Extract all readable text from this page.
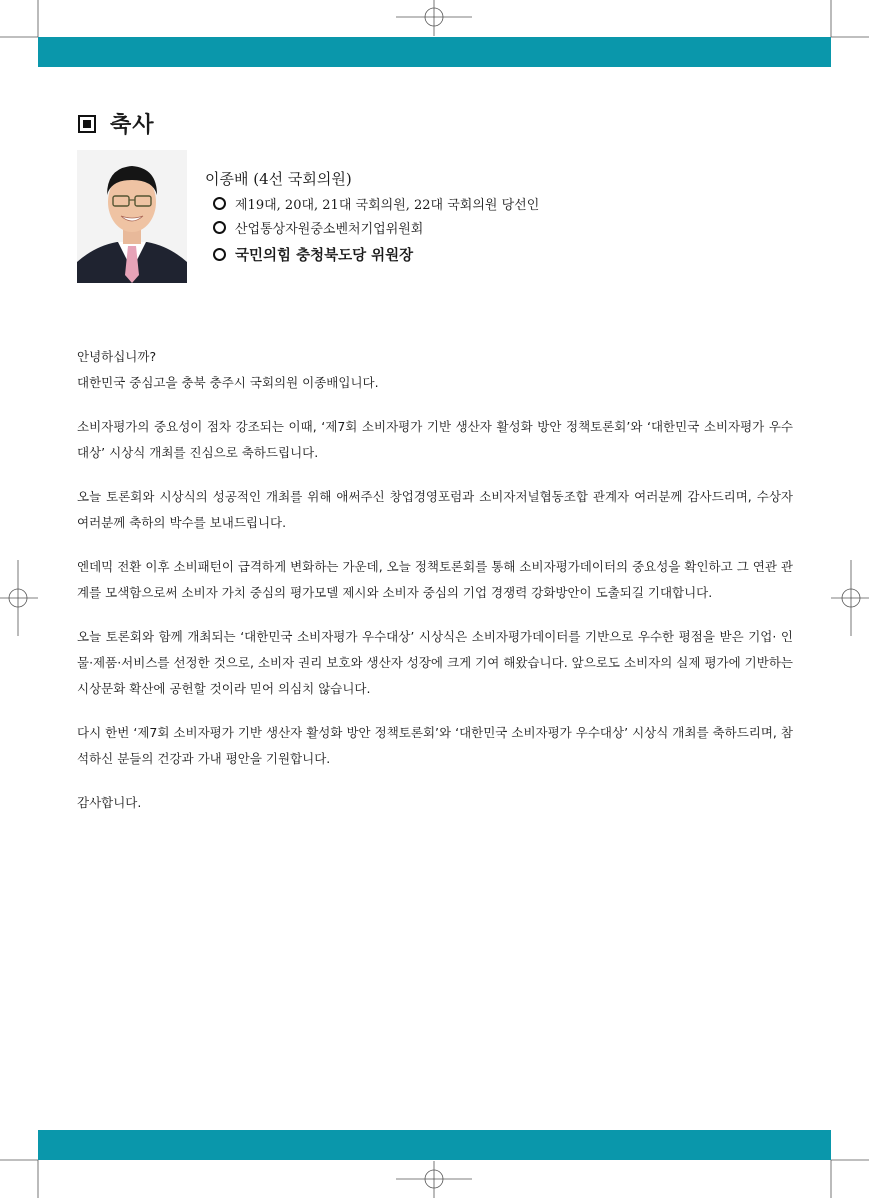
축사
이종배 (4선 국회의원)
제19대, 20대, 21대 국회의원, 22대 국회의원 당선인
산업통상자원중소벤처기업위원회
국민의힘 충청북도당 위원장

안녕하십니까?
대한민국 중심고을 충북 충주시 국회의원 이종배입니다.

소비자평가의 중요성이 점차 강조되는 이때, ‘제7회 소비자평가 기반 생산자 활성화 방안 정책토론회’와 ‘대한민국 소비자평가 우수대상’ 시상식 개최를 진심으로 축하드립니다.

오늘 토론회와 시상식의 성공적인 개최를 위해 애써주신 창업경영포럼과 소비자저널협동조합 관계자 여러분께 감사드리며, 수상자 여러분께 축하의 박수를 보내드립니다.

엔데믹 전환 이후 소비패턴이 급격하게 변화하는 가운데, 오늘 정책토론회를 통해 소비자평가데이터의 중요성을 확인하고 그 연관 관계를 모색함으로써 소비자 가치 중심의 평가모델 제시와 소비자 중심의 기업 경쟁력 강화방안이 도출되길 기대합니다.

오늘 토론회와 함께 개최되는 ‘대한민국 소비자평가 우수대상’ 시상식은 소비자평가데이터를 기반으로 우수한 평점을 받은 기업· 인물·제품·서비스를 선정한 것으로, 소비자 권리 보호와 생산자 성장에 크게 기여 해왔습니다. 앞으로도 소비자의 실제 평가에 기반하는 시상문화 확산에 공헌할 것이라 믿어 의심치 않습니다.

다시 한번 ‘제7회 소비자평가 기반 생산자 활성화 방안 정책토론회’와 ‘대한민국 소비자평가 우수대상’ 시상식 개최를 축하드리며, 참석하신 분들의 건강과 가내 평안을 기원합니다.

감사합니다.
